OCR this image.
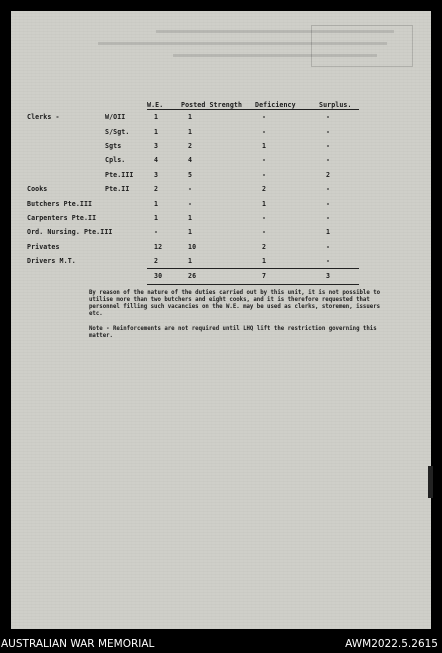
			W.E.	Posted Strength	Deficiency	Surplus.
Clerks -		W/OII	1	1	-	-
		S/Sgt.	1	1	-	-
		Sgts	3	2	1	-
		Cpls.	4	4	-	-
		Pte.III	3	5	-	2
Cooks		Pte.II	2	-	2	-
Butchers Pte.III			1	-	1	-
Carpenters Pte.II			1	1	-	-
Ord. Nursing. Pte.III			-	1	-	1
Privates			12	10	2	-
Drivers M.T.			2	1	1	-
			30	26	7	3

By reason of the nature of the duties carried out by this unit, it is not possible to utilise more than two butchers and eight cooks, and it is therefore requested that personnel filling such vacancies on the W.E. may be used as clerks, storemen, issuers etc.

Note - Reinforcements are not required until LHQ lift the restriction governing this matter.

AUSTRALIAN WAR MEMORIAL	AWM2022.5.2615
